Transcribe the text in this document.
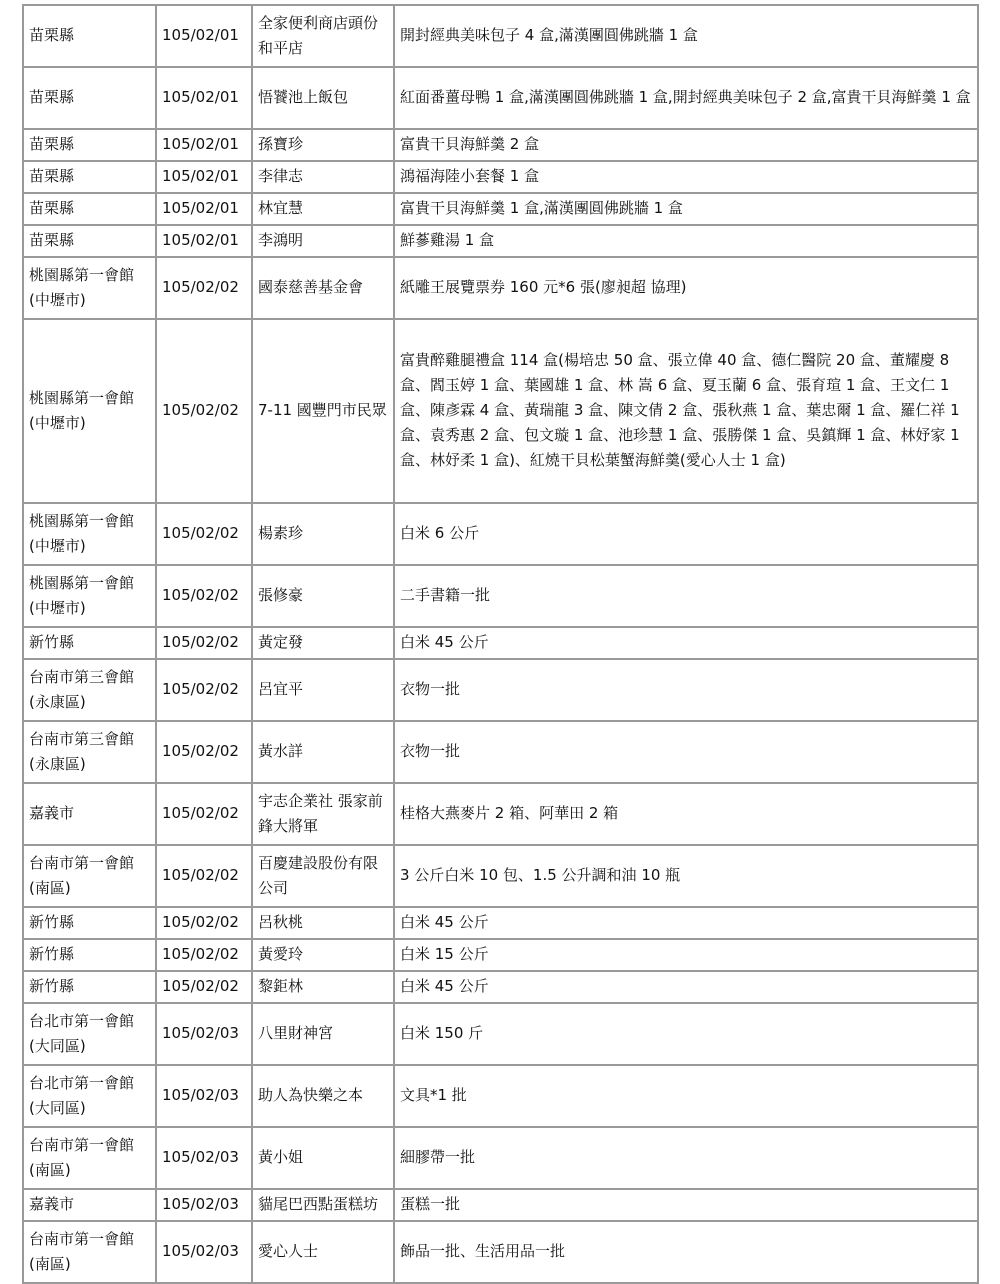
苗栗縣	105/02/01	全家便利商店頭份和平店	開封經典美味包子 4 盒,滿漢團圓佛跳牆 1 盒
苗栗縣	105/02/01	悟饕池上飯包	紅面番薑母鴨 1 盒,滿漢團圓佛跳牆 1 盒,開封經典美味包子 2 盒,富貴干貝海鮮羹 1 盒
苗栗縣	105/02/01	孫寶珍	富貴干貝海鮮羹 2 盒
苗栗縣	105/02/01	李律志	鴻福海陸小套餐 1 盒
苗栗縣	105/02/01	林宜慧	富貴干貝海鮮羹 1 盒,滿漢團圓佛跳牆 1 盒
苗栗縣	105/02/01	李鴻明	鮮蔘雞湯 1 盒
桃園縣第一會館(中壢市)	105/02/02	國泰慈善基金會	紙雕王展覽票券 160 元*6 張(廖昶超 協理)
桃園縣第一會館(中壢市)	105/02/02	7-11 國豐門市民眾	富貴醉雞腿禮盒 114 盒(楊培忠 50 盒、張立偉 40 盒、德仁醫院 20 盒、董耀慶 8 盒、閻玉婷 1 盒、葉國雄 1 盒、林 嵩 6 盒、夏玉蘭 6 盒、張育瑄 1 盒、王文仁 1 盒、陳彥霖 4 盒、黃瑞龍 3 盒、陳文倩 2 盒、張秋燕 1 盒、葉忠爾 1 盒、羅仁祥 1 盒、袁秀惠 2 盒、包文璇 1 盒、池珍慧 1 盒、張勝傑 1 盒、吳鎮輝 1 盒、林妤家 1 盒、林妤柔 1 盒)、紅燒干貝松葉蟹海鮮羹(愛心人士 1 盒)
桃園縣第一會館(中壢市)	105/02/02	楊素珍	白米 6 公斤
桃園縣第一會館(中壢市)	105/02/02	張修豪	二手書籍一批
新竹縣	105/02/02	黃定發	白米 45 公斤
台南市第三會館(永康區)	105/02/02	呂宜平	衣物一批
台南市第三會館(永康區)	105/02/02	黃水詳	衣物一批
嘉義市	105/02/02	宇志企業社 張家前鋒大將軍	桂格大燕麥片 2 箱、阿華田 2 箱
台南市第一會館(南區)	105/02/02	百慶建設股份有限公司	3 公斤白米 10 包、1.5 公升調和油 10 瓶
新竹縣	105/02/02	呂秋桃	白米 45 公斤
新竹縣	105/02/02	黃愛玲	白米 15 公斤
新竹縣	105/02/02	黎鉅林	白米 45 公斤
台北市第一會館(大同區)	105/02/03	八里財神宮	白米 150 斤
台北市第一會館(大同區)	105/02/03	助人為快樂之本	文具*1 批
台南市第一會館(南區)	105/02/03	黃小姐	細膠帶一批
嘉義市	105/02/03	貓尾巴西點蛋糕坊	蛋糕一批
台南市第一會館(南區)	105/02/03	愛心人士	飾品一批、生活用品一批
